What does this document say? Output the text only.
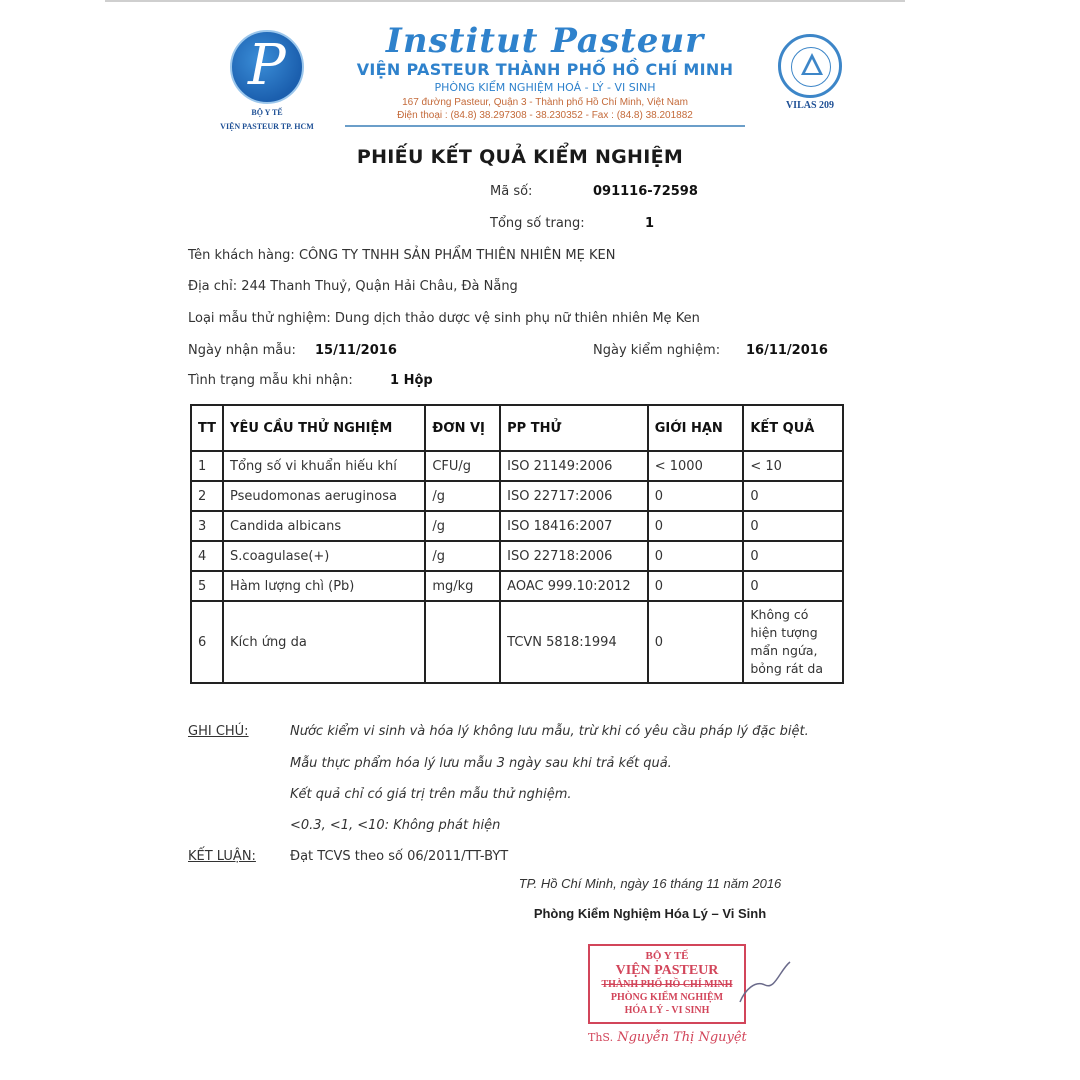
P
BỘ Y TẾ
VIỆN PASTEUR TP. HCM
Institut Pasteur
VIỆN PASTEUR THÀNH PHỐ HỒ CHÍ MINH
PHÒNG KIỂM NGHIỆM HOÁ - LÝ - VI SINH
167 đường Pasteur, Quận 3 - Thành phố Hồ Chí Minh, Việt Nam
Điện thoại : (84.8) 38.297308 - 38.230352 - Fax : (84.8) 38.201882
VILAS 209
PHIẾU KẾT QUẢ KIỂM NGHIỆM
Mã số:	091116-72598
Tổng số trang:	1
Tên khách hàng: CÔNG TY TNHH SẢN PHẨM THIÊN NHIÊN MẸ KEN
Địa chỉ: 244 Thanh Thuỷ, Quận Hải Châu, Đà Nẵng
Loại mẫu thử nghiệm: Dung dịch thảo dược vệ sinh phụ nữ thiên nhiên Mẹ Ken
Ngày nhận mẫu: 15/11/2016	Ngày kiểm nghiệm: 16/11/2016
Tình trạng mẫu khi nhận:	1 Hộp
TT	YÊU CẦU THỬ NGHIỆM	ĐƠN VỊ	PP THỬ	GIỚI HẠN	KẾT QUẢ
1	Tổng số vi khuẩn hiếu khí	CFU/g	ISO 21149:2006	< 1000	< 10
2	Pseudomonas aeruginosa	/g	ISO 22717:2006	0	0
3	Candida albicans	/g	ISO 18416:2007	0	0
4	S.coagulase(+)	/g	ISO 22718:2006	0	0
5	Hàm lượng chì (Pb)	mg/kg	AOAC 999.10:2012	0	0
6	Kích ứng da		TCVN 5818:1994	0	Không có hiện tượng mẩn ngứa, bỏng rát da
GHI CHÚ:	Nước kiểm vi sinh và hóa lý không lưu mẫu, trừ khi có yêu cầu pháp lý đặc biệt.
Mẫu thực phẩm hóa lý lưu mẫu 3 ngày sau khi trả kết quả.
Kết quả chỉ có giá trị trên mẫu thử nghiệm.
<0.3, <1, <10: Không phát hiện
KẾT LUẬN:	Đạt TCVS theo số 06/2011/TT-BYT
TP. Hồ Chí Minh, ngày 16 tháng 11 năm 2016
Phòng Kiểm Nghiệm Hóa Lý – Vi Sinh
BỘ Y TẾ
VIỆN PASTEUR
THÀNH PHỐ HỒ CHÍ MINH
PHÒNG KIỂM NGHIỆM
HÓA LÝ - VI SINH
ThS. Nguyễn Thị Nguyệt
